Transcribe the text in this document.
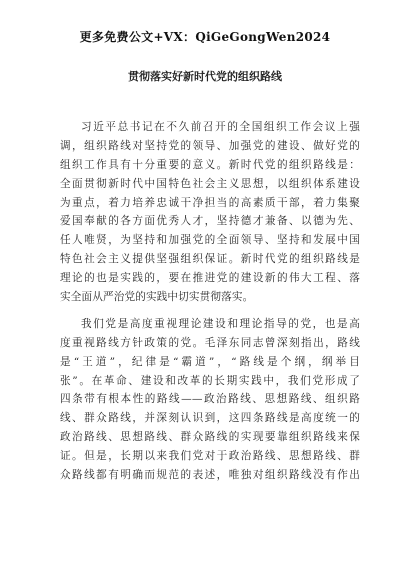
更多免费公文+VX：QiGeGongWen2024
贯彻落实好新时代党的组织路线
习近平总书记在不久前召开的全国组织工作会议上强
调，组织路线对坚持党的领导、加强党的建设、做好党的
组织工作具有十分重要的意义。新时代党的组织路线是：
全面贯彻新时代中国特色社会主义思想，以组织体系建设
为重点，着力培养忠诚干净担当的高素质干部，着力集聚
爱国奉献的各方面优秀人才，坚持德才兼备、以德为先、
任人唯贤，为坚持和加强党的全面领导、坚持和发展中国
特色社会主义提供坚强组织保证。新时代党的组织路线是
理论的也是实践的，要在推进党的建设新的伟大工程、落
实全面从严治党的实践中切实贯彻落实。
我们党是高度重视理论建设和理论指导的党，也是高
度重视路线方针政策的党。毛泽东同志曾深刻指出，路线
是“王道”，纪律是“霸道”，“路线是个纲，纲举目
张”。在革命、建设和改革的长期实践中，我们党形成了
四条带有根本性的路线——政治路线、思想路线、组织路
线、群众路线，并深刻认识到，这四条路线是高度统一的
政治路线、思想路线、群众路线的实现要靠组织路线来保
证。但是，长期以来我们党对于政治路线、思想路线、群
众路线都有明确而规范的表述，唯独对组织路线没有作出
